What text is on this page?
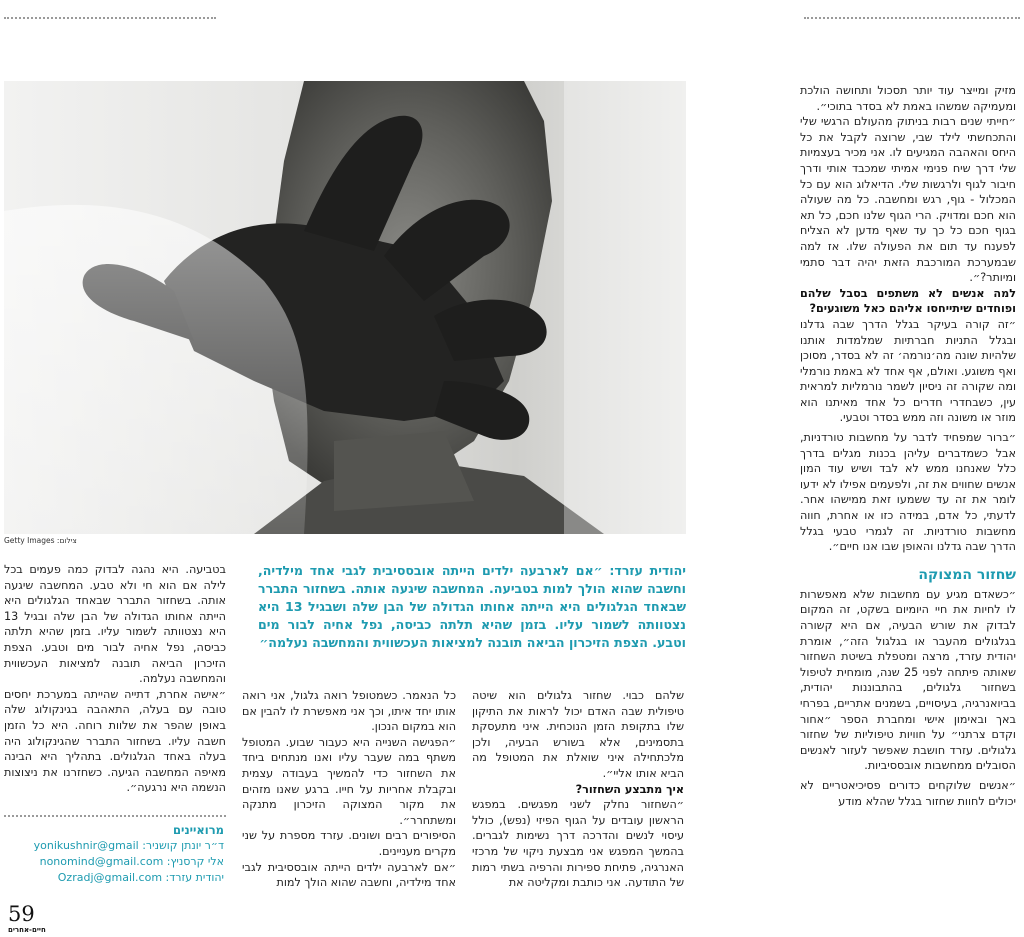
צילום: Getty Images
יהודית עזרד: ״אם לארבעה ילדים הייתה אובססיבית לגבי אחד מילדיה, וחשבה שהוא הולך למות בטביעה. המחשבה שיגעה אותה. בשחזור התברר שבאחד הגלגולים היא הייתה אחותו הגדולה של הבן שלה ושבגיל 13 היא נצטוותה לשמור עליו. בזמן שהיא תלתה כביסה, נפל אחיה לבור מים וטבע. הצפת הזיכרון הביאה תובנה למציאות העכשווית והמחשבה נעלמה״

מזיק ומייצר עוד יותר תסכול ותחושה הולכת ומעמיקה שמשהו באמת לא בסדר בתוכי״.

״חייתי שנים רבות בניתוק מהעולם הרגשי שלי והתכחשתי לילד שבי, שרוצה לקבל את כל היחס והאהבה המגיעים לו. אני מכיר בעצמיות שלי דרך שיח פנימי אמיתי שמכבד אותי ודרך חיבור לגוף ולרגשות שלי. הדיאלוג הוא עם כל המכלול - גוף, רגש ומחשבה. כל מה שעולה הוא חכם ומדויק. הרי הגוף שלנו חכם, כל תא בגוף חכם כל כך עד שאף מדען לא הצליח לפענח עד תום את הפעולה שלו. אז למה שבמערכת המורכבת הזאת יהיה דבר סתמי ומיותר?״.

למה אנשים לא משתפים בסבל שלהם ופוחדים שיתייחסו אליהם כאל משוגעים?

״זה קורה בעיקר בגלל הדרך שבה גדלנו ובגלל התניות חברתיות שמלמדות אותנו שלהיות שונה מה׳נורמה׳ זה לא בסדר, מסוכן ואף משוגע. ואולם, אף אחד לא באמת נורמלי ומה שקורה זה ניסיון לשמר נורמליות למראית עין, כשבחדרי חדרים כל אחד מאיתנו הוא מוזר או משונה וזה ממש בסדר וטבעי.

״ברור שמפחיד לדבר על מחשבות טורדניות, אבל כשמדברים עליהן בכנות מגלים בדרך כלל שאנחנו ממש לא לבד ושיש עוד המון אנשים שחווים את זה, ולפעמים אפילו לא ידעו לומר את זה עד ששמעו זאת ממישהו אחר. לדעתי, כל אדם, במידה כזו או אחרת, חווה מחשבות טורדניות. זה לגמרי טבעי בגלל הדרך שבה גדלנו והאופן שבו אנו חיים״.

שחזור המצוקה

״כשאדם מגיע עם מחשבות שלא מאפשרות לו לחיות את חיי היומיום בשקט, זה המקום לבדוק את שורש הבעיה, אם היא קשורה בגלגולים מהעבר או בגלגול הזה״, אומרת יהודית עזרד, מרצה ומטפלת בשיטת השחזור שאותה פיתחה לפני 25 שנה, מומחית לטיפול בשחזור גלגולים, בהתבוננות יהודית, בביואנרגיה, בעיסויים, בשמנים אתריים, בפרחי באך ובאימון אישי ומחברת הספר ״אחור וקדם צרתני״ על חוויות טיפוליות של שחזור גלגולים. עזרד חושבת שאפשר לעזור לאנשים הסובלים ממחשבות אובססיביות.

״אנשים שלוקחים כדורים פסיכיאטריים לא יכולים לחוות שחזור בגלל שהלא מודע

שלהם כבוי. שחזור גלגולים הוא שיטה טיפולית שבה האדם יכול לראות את התיקון שלו בתקופת הזמן הנוכחית. איני מתעסקת בתסמינים, אלא בשורש הבעיה, ולכן מלכתחילה איני שואלת את המטופל מה הביא אותו אליי״.

איך מתבצע השחזור?

״השחזור נחלק לשני מפגשים. במפגש הראשון עובדים על הגוף הפיזי (נפש), כולל עיסוי לנשים והדרכה דרך נשימות לגברים. בהמשך המפגש אני מבצעת ניקוי של מרכזי האנרגיה, פתיחת ספירות והרפיה בשתי רמות של התודעה. אני כותבת ומקליטה את

כל הנאמר. כשמטופל רואה גלגול, אני רואה אותו יחד איתו, וכך אני מאפשרת לו להבין אם הוא במקום הנכון.

״הפגישה השנייה היא כעבור שבוע. המטופל משתף במה שעבר עליו ואנו מנתחים ביחד את השחזור כדי להמשיך בעבודה עצמית ובקבלת אחריות על חייו. ברגע שאנו מזהים את מקור המצוקה הזיכרון מתנקה ומשתחרר״.

הסיפורים רבים ושונים. עזרד מספרת על שני מקרים מעניינים.

״אם לארבעה ילדים הייתה אובססיבית לגבי אחד מילדיה, וחשבה שהוא הולך למות

בטביעה. היא נהגה לבדוק כמה פעמים בכל לילה אם הוא חי ולא טבע. המחשבה שיגעה אותה. בשחזור התברר שבאחד הגלגולים היא הייתה אחותו הגדולה של הבן שלה ובגיל 13 היא נצטוותה לשמור עליו. בזמן שהיא תלתה כביסה, נפל אחיה לבור מים וטבע. הצפת הזיכרון הביאה תובנה למציאות העכשווית והמחשבה נעלמה.

״אישה אחרת, דתייה שהייתה במערכת יחסים טובה עם בעלה, התאהבה בגינקולוג שלה באופן שהפר את שלוות רוחה. היא כל הזמן חשבה עליו. בשחזור התברר שהגינקולוג היה בעלה באחד הגלגולים. בתהליך היא הבינה מאיפה המחשבה הגיעה. כשחזרנו את ניצוצות הנשמה היא נרגעה״.

מרואיינים
ד״ר יונתן קושניר: yonikushnir@gmail
אלי קרסניץ: nonomind@gmail.com
יהודית עזרד: Ozradj@gmail.com
59
חיים-אחרים
